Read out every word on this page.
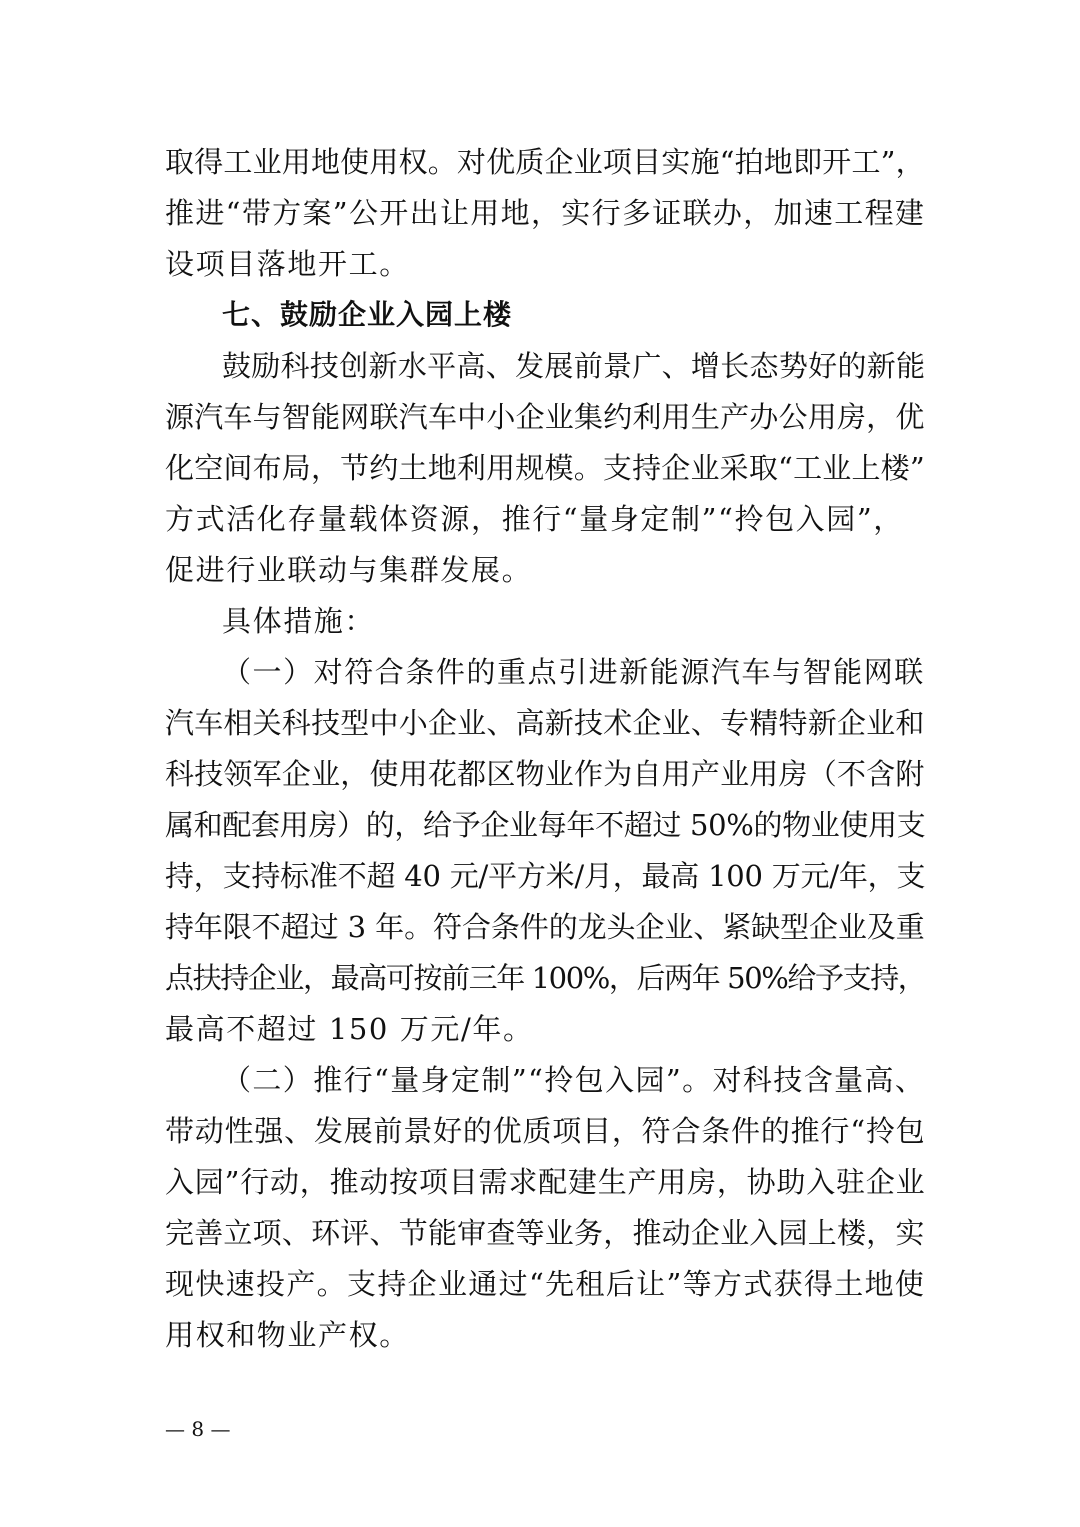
取得工业用地使用权。对优质企业项目实施“拍地即开工”，
推进“带方案”公开出让用地，实行多证联办，加速工程建
设项目落地开工。
七、鼓励企业入园上楼
鼓励科技创新水平高、发展前景广、增长态势好的新能
源汽车与智能网联汽车中小企业集约利用生产办公用房，优
化空间布局，节约土地利用规模。支持企业采取“工业上楼”
方式活化存量载体资源，推行“量身定制”“拎包入园”，
促进行业联动与集群发展。
具体措施：
（一）对符合条件的重点引进新能源汽车与智能网联
汽车相关科技型中小企业、高新技术企业、专精特新企业和
科技领军企业，使用花都区物业作为自用产业用房（不含附
属和配套用房）的，给予企业每年不超过 50%的物业使用支
持，支持标准不超 40 元/平方米/月，最高 100 万元/年，支
持年限不超过 3 年。符合条件的龙头企业、紧缺型企业及重
点扶持企业，最高可按前三年 100%，后两年 50%给予支持，
最高不超过 150 万元/年。
（二）推行“量身定制”“拎包入园”。对科技含量高、
带动性强、发展前景好的优质项目，符合条件的推行“拎包
入园”行动，推动按项目需求配建生产用房，协助入驻企业
完善立项、环评、节能审查等业务，推动企业入园上楼，实
现快速投产。支持企业通过“先租后让”等方式获得土地使
用权和物业产权。
— 8 —
